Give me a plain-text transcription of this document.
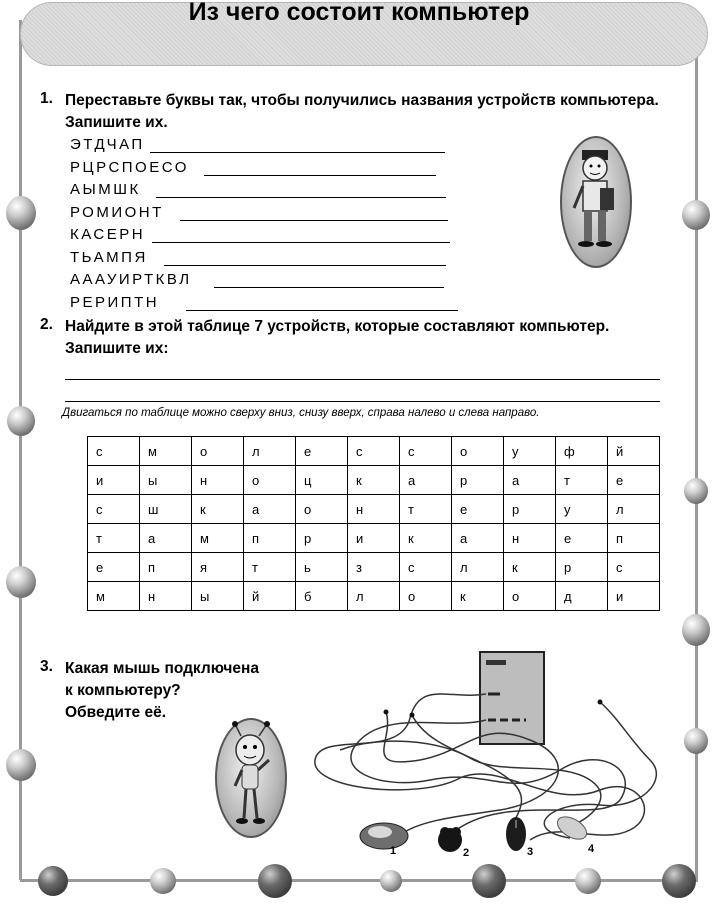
Из чего состоит компьютер
1. Переставьте буквы так, чтобы получились названия устройств компьютера.
Запишите их.
ЭТДЧАП
РЦРСПОЕСО
АЫМШК
РОМИОНТ
КАСЕРН
ТЬАМПЯ
АААУИРТКВЛ
РЕРИПТН
2. Найдите в этой таблице 7 устройств, которые составляют компьютер.
Запишите их:
Двигаться по таблице можно сверху вниз, снизу вверх, справа налево и слева направо.
с	м	о	л	е	с	с	о	у	ф	й
и	ы	н	о	ц	к	а	р	а	т	е
с	ш	к	а	о	н	т	е	р	у	л
т	а	м	п	р	и	к	а	н	е	п
е	п	я	т	ь	з	с	л	к	р	с
м	н	ы	й	б	л	о	к	о	д	и
3. Какая мышь подключена
к компьютеру?
Обведите её.
1	2	3	4
